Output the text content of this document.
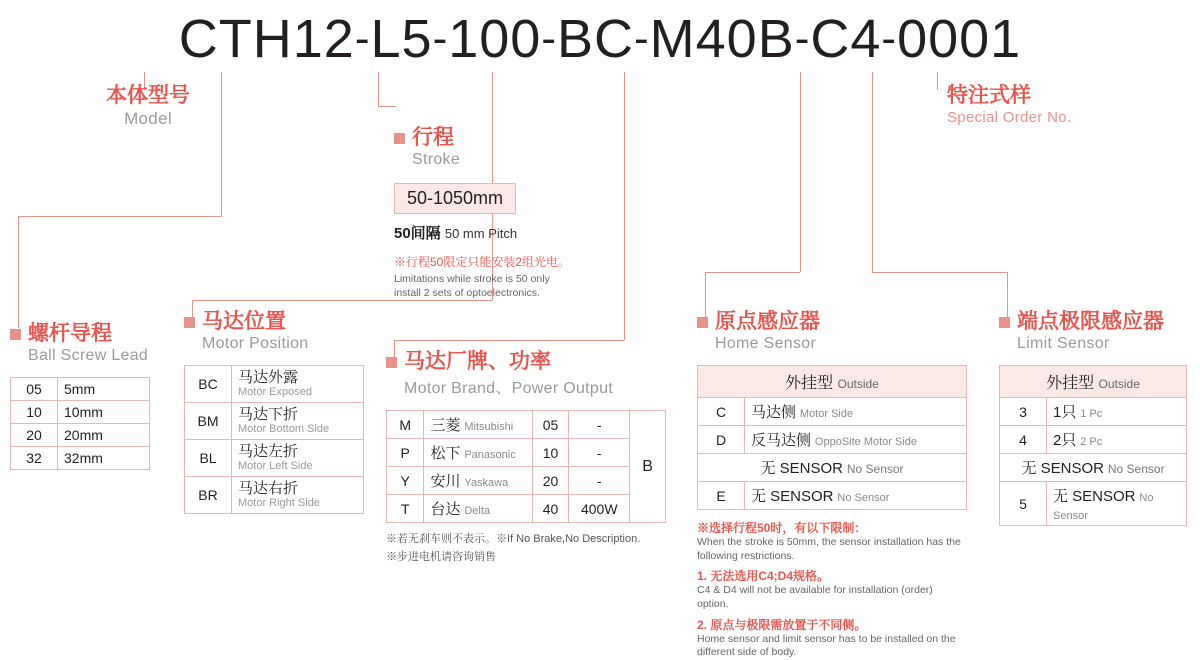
CTH12-L5-100-BC-M40B-C4-0001
本体型号
Model
特注式样
Special Order No.
行程
Stroke
50-1050mm
50间隔 50 mm Pitch
※行程50限定只能安装2组光电。
Limitations while stroke is 50 only
install 2 sets of optoelectronics.
螺杆导程
Ball Screw Lead
05	5mm
10	10mm
20	20mm
32	32mm
马达位置
Motor Position
BC	马达外露
Motor Exposed

BM	马达下折
Motor Bottom Side

BL	马达左折
Motor Left Side

BR	马达右折
Motor Right Side
马达厂牌、功率
Motor Brand、Power Output
M	三菱 Mitsubishi	05	-	B
P	松下 Panasonic	10	-	
Y	安川 Yaskawa	20	-	
T	台达 Delta	40	400W	
※若无刹车则不表示。※If No Brake,No Description.
※步进电机请咨询销售
原点感应器
Home Sensor
外挂型 Outside
C	马达侧 Motor Side
D	反马达侧 OppoSite Motor Side
无 SENSOR No Sensor	
E	无 SENSOR No Sensor
※选择行程50时，有以下限制：
When the stroke is 50mm, the sensor installation has the following restrictions.
1. 无法选用C4;D4规格。
C4 & D4 will not be available for installation (order) option.
2. 原点与极限需放置于不同侧。
Home sensor and limit sensor has to be installed on the different side of body.
端点极限感应器
Limit Sensor
外挂型 Outside
3	1只 1 Pc
4	2只 2 Pc
无 SENSOR No Sensor	
5	无 SENSOR No Sensor
